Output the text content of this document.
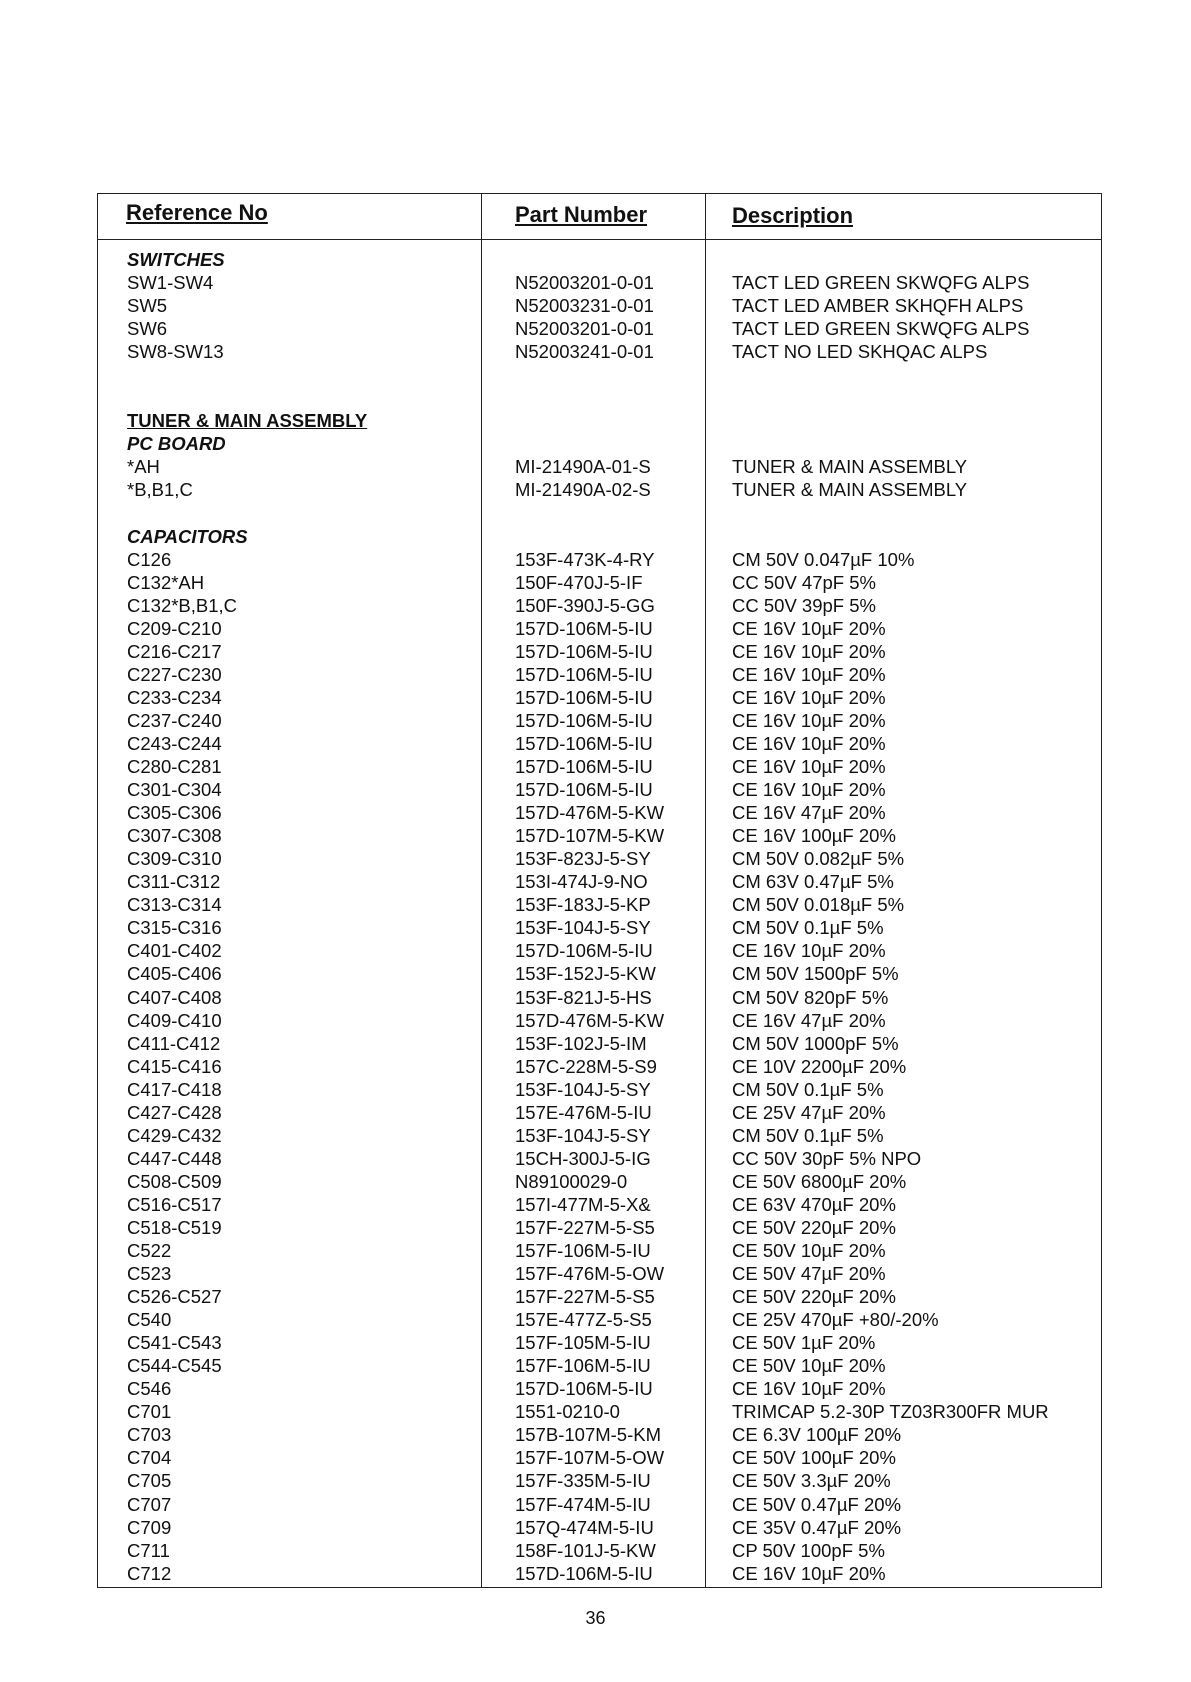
Reference No	Part Number	Description
SWITCHES
SW1-SW4
SW5
SW6
SW8-SW13
TUNER & MAIN ASSEMBLY
PC BOARD
*AH
*B,B1,C
CAPACITORS
C126
C132*AH
C132*B,B1,C
C209-C210
C216-C217
C227-C230
C233-C234
C237-C240
C243-C244
C280-C281
C301-C304
C305-C306
C307-C308
C309-C310
C311-C312
C313-C314
C315-C316
C401-C402
C405-C406
C407-C408
C409-C410
C411-C412
C415-C416
C417-C418
C427-C428
C429-C432
C447-C448
C508-C509
C516-C517
C518-C519
C522
C523
C526-C527
C540
C541-C543
C544-C545
C546
C701
C703
C704
C705
C707
C709
C711
C712
N52003201-0-01
N52003231-0-01
N52003201-0-01
N52003241-0-01
MI-21490A-01-S
MI-21490A-02-S
153F-473K-4-RY
150F-470J-5-IF
150F-390J-5-GG
157D-106M-5-IU
157D-106M-5-IU
157D-106M-5-IU
157D-106M-5-IU
157D-106M-5-IU
157D-106M-5-IU
157D-106M-5-IU
157D-106M-5-IU
157D-476M-5-KW
157D-107M-5-KW
153F-823J-5-SY
153I-474J-9-NO
153F-183J-5-KP
153F-104J-5-SY
157D-106M-5-IU
153F-152J-5-KW
153F-821J-5-HS
157D-476M-5-KW
153F-102J-5-IM
157C-228M-5-S9
153F-104J-5-SY
157E-476M-5-IU
153F-104J-5-SY
15CH-300J-5-IG
N89100029-0
157I-477M-5-X&
157F-227M-5-S5
157F-106M-5-IU
157F-476M-5-OW
157F-227M-5-S5
157E-477Z-5-S5
157F-105M-5-IU
157F-106M-5-IU
157D-106M-5-IU
1551-0210-0
157B-107M-5-KM
157F-107M-5-OW
157F-335M-5-IU
157F-474M-5-IU
157Q-474M-5-IU
158F-101J-5-KW
157D-106M-5-IU
TACT LED GREEN SKWQFG ALPS
TACT LED AMBER SKHQFH ALPS
TACT LED GREEN SKWQFG ALPS
TACT NO LED SKHQAC ALPS
TUNER & MAIN ASSEMBLY
TUNER & MAIN ASSEMBLY
CM 50V 0.047µF 10%
CC 50V 47pF 5%
CC 50V 39pF 5%
CE 16V 10µF 20%
CE 16V 10µF 20%
CE 16V 10µF 20%
CE 16V 10µF 20%
CE 16V 10µF 20%
CE 16V 10µF 20%
CE 16V 10µF 20%
CE 16V 10µF 20%
CE 16V 47µF 20%
CE 16V 100µF 20%
CM 50V 0.082µF 5%
CM 63V 0.47µF 5%
CM 50V 0.018µF 5%
CM 50V 0.1µF 5%
CE 16V 10µF 20%
CM 50V 1500pF 5%
CM 50V 820pF 5%
CE 16V 47µF 20%
CM 50V 1000pF 5%
CE 10V 2200µF 20%
CM 50V 0.1µF 5%
CE 25V 47µF 20%
CM 50V 0.1µF 5%
CC 50V 30pF 5% NPO
CE 50V 6800µF 20%
CE 63V 470µF 20%
CE 50V 220µF 20%
CE 50V 10µF 20%
CE 50V 47µF 20%
CE 50V 220µF 20%
CE 25V 470µF +80/-20%
CE 50V 1µF 20%
CE 50V 10µF 20%
CE 16V 10µF 20%
TRIMCAP 5.2-30P TZ03R300FR MUR
CE 6.3V 100µF 20%
CE 50V 100µF 20%
CE 50V 3.3µF 20%
CE 50V 0.47µF 20%
CE 35V 0.47µF 20%
CP 50V 100pF 5%
CE 16V 10µF 20%
36
